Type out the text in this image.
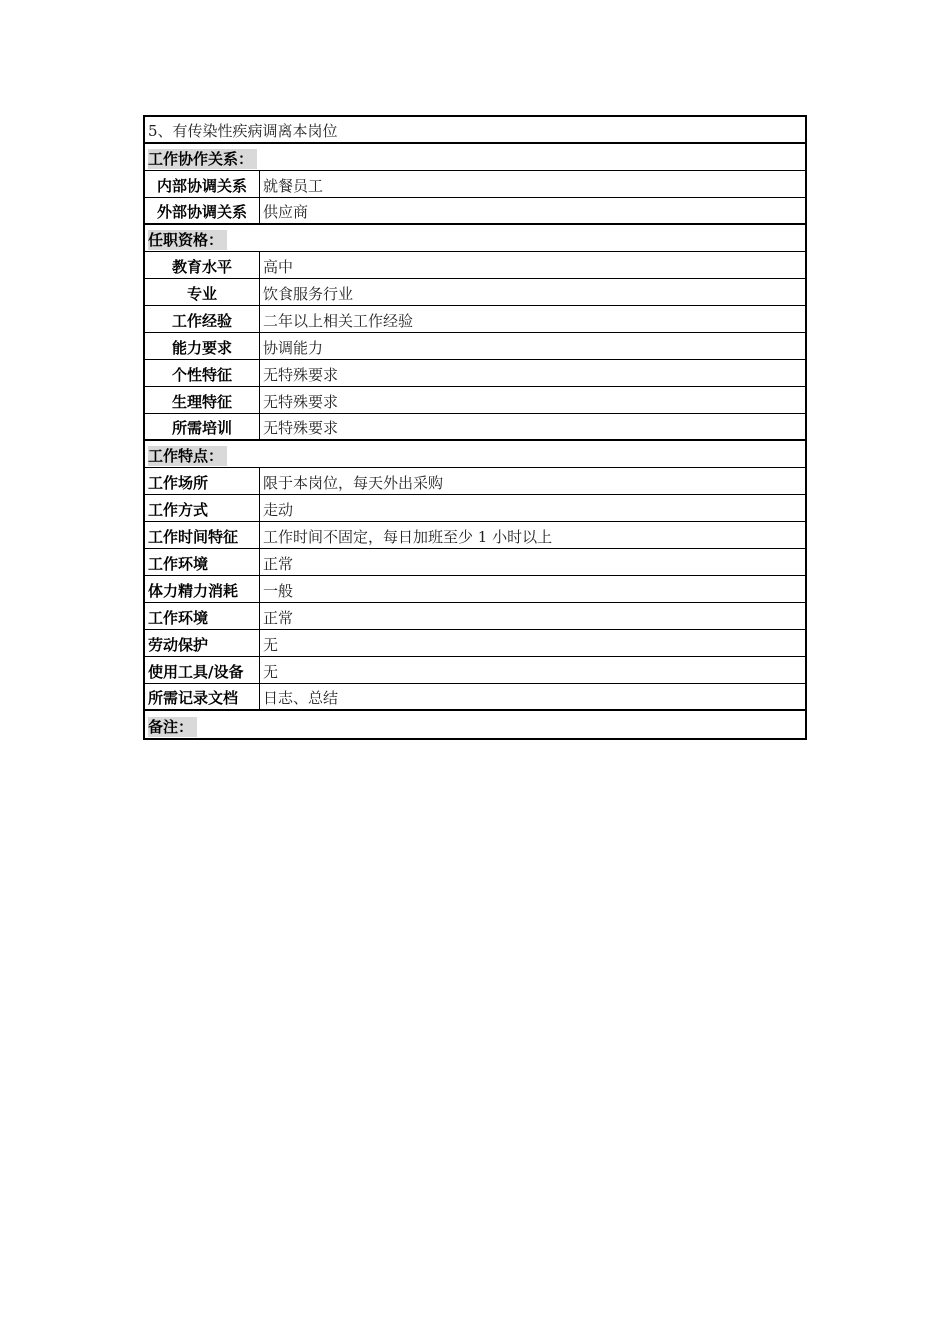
5、有传染性疾病调离本岗位
工作协作关系：
内部协调关系	就餐员工
外部协调关系	供应商
任职资格：
教育水平	高中
专业	饮食服务行业
工作经验	二年以上相关工作经验
能力要求	协调能力
个性特征	无特殊要求
生理特征	无特殊要求
所需培训	无特殊要求
工作特点：
工作场所	限于本岗位，每天外出采购
工作方式	走动
工作时间特征	工作时间不固定，每日加班至少 1 小时以上
工作环境	正常
体力精力消耗	一般
工作环境	正常
劳动保护	无
使用工具/设备	无
所需记录文档	日志、总结
备注：
